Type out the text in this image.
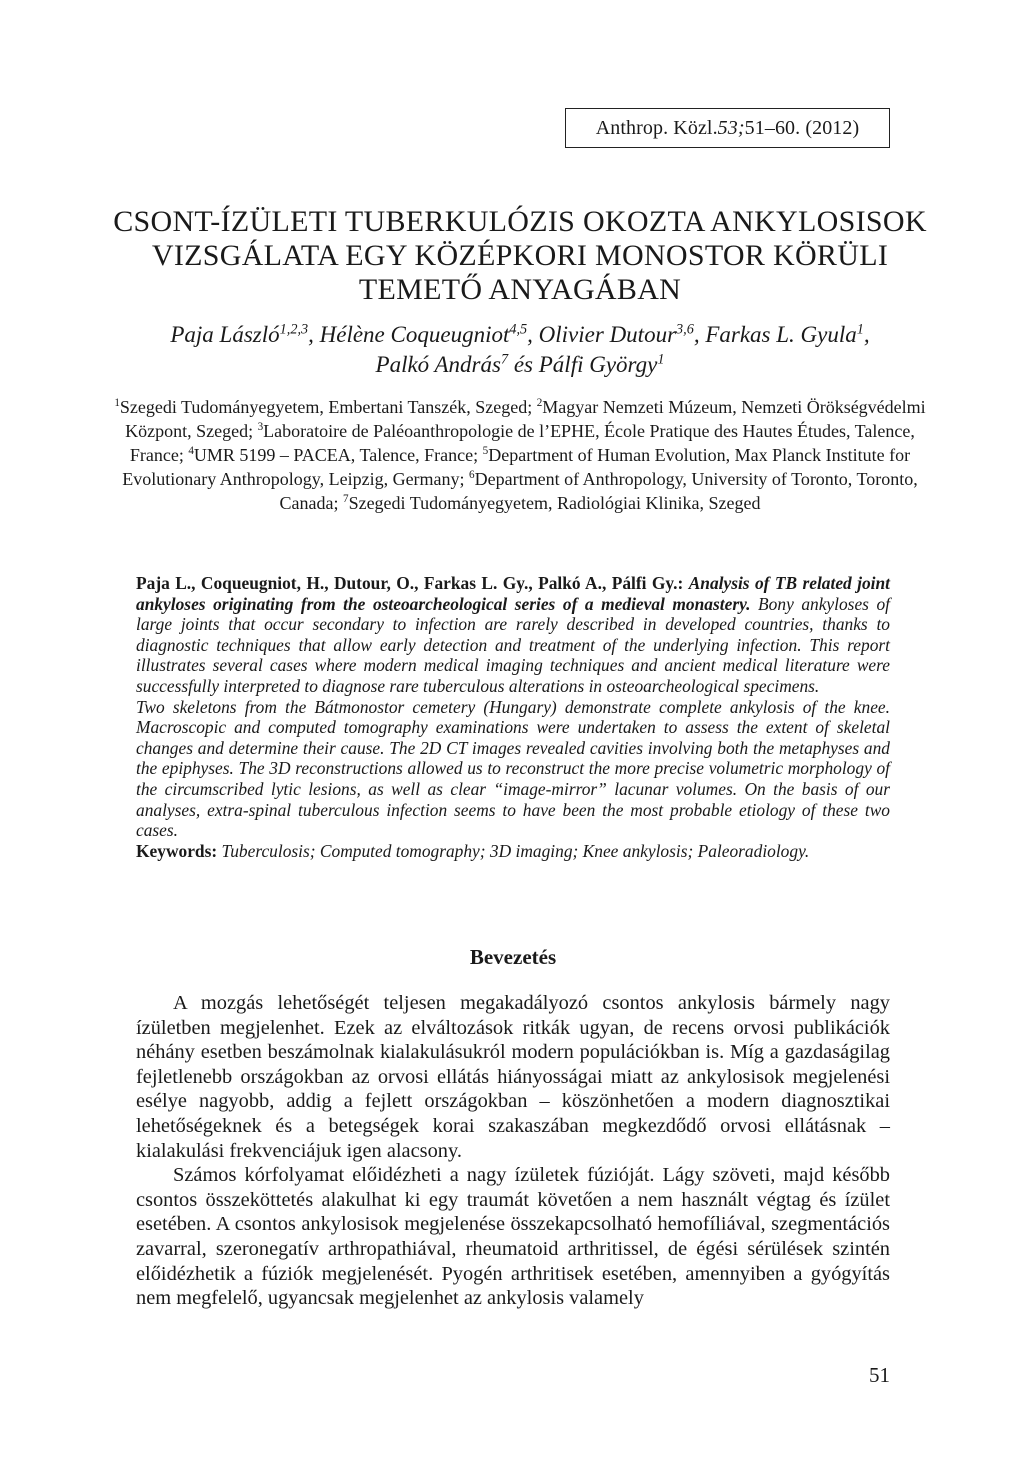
Anthrop. Közl. 53; 51–60. (2012)
CSONT-ÍZÜLETI TUBERKULÓZIS OKOZTA ANKYLOSISOK
VIZSGÁLATA EGY KÖZÉPKORI MONOSTOR KÖRÜLI
TEMETŐ ANYAGÁBAN
Paja László$^{1,2,3}$, Hélène Coqueugniot$^{4,5}$, Olivier Dutour$^{3,6}$, Farkas L. Gyula$^1$,
Palkó András$^7$ és Pálfi György$^1$
$^1$Szegedi Tudományegyetem, Embertani Tanszék, Szeged; $^2$Magyar Nemzeti Múzeum, Nemzeti Örökségvédelmi Központ, Szeged; $^3$Laboratoire de Paléoanthropologie de l’EPHE, École Pratique des Hautes Études, Talence, France; $^4$UMR 5199 – PACEA, Talence, France; $^5$Department of Human Evolution, Max Planck Institute for Evolutionary Anthropology, Leipzig, Germany; $^6$Department of Anthropology, University of Toronto, Toronto, Canada; $^7$Szegedi Tudományegyetem, Radiológiai Klinika, Szeged

Paja L., Coqueugniot, H., Dutour, O., Farkas L. Gy., Palkó A., Pálfi Gy.: Analysis of TB related joint ankyloses originating from the osteoarcheological series of a medieval monastery. Bony ankyloses of large joints that occur secondary to infection are rarely described in developed countries, thanks to diagnostic techniques that allow early detection and treatment of the underlying infection. This report illustrates several cases where modern medical imaging techniques and ancient medical literature were successfully interpreted to diagnose rare tuberculous alterations in osteoarcheological specimens.

Two skeletons from the Bátmonostor cemetery (Hungary) demonstrate complete ankylosis of the knee. Macroscopic and computed tomography examinations were undertaken to assess the extent of skeletal changes and determine their cause. The 2D CT images revealed cavities involving both the metaphyses and the epiphyses. The 3D reconstructions allowed us to reconstruct the more precise volumetric morphology of the circumscribed lytic lesions, as well as clear “image-mirror” lacunar volumes. On the basis of our analyses, extra-spinal tuberculous infection seems to have been the most probable etiology of these two cases.

Keywords: Tuberculosis; Computed tomography; 3D imaging; Knee ankylosis; Paleoradiology.

Bevezetés

A mozgás lehetőségét teljesen megakadályozó csontos ankylosis bármely nagy ízületben megjelenhet. Ezek az elváltozások ritkák ugyan, de recens orvosi publikációk néhány esetben beszámolnak kialakulásukról modern populációkban is. Míg a gazdaságilag fejletlenebb országokban az orvosi ellátás hiányosságai miatt az ankylosisok megjelenési esélye nagyobb, addig a fejlett országokban – köszönhetően a modern diagnosztikai lehetőségeknek és a betegségek korai szakaszában megkezdődő orvosi ellátásnak – kialakulási frekvenciájuk igen alacsony.

Számos kórfolyamat előidézheti a nagy ízületek fúzióját. Lágy szöveti, majd később csontos összeköttetés alakulhat ki egy traumát követően a nem használt végtag és ízület esetében. A csontos ankylosisok megjelenése összekapcsolható hemofíliával, szegmentációs zavarral, szeronegatív arthropathiával, rheumatoid arthritissel, de égési sérülések szintén előidézhetik a fúziók megjelenését. Pyogén arthritisek esetében, amennyiben a gyógyítás nem megfelelő, ugyancsak megjelenhet az ankylosis valamely

51
